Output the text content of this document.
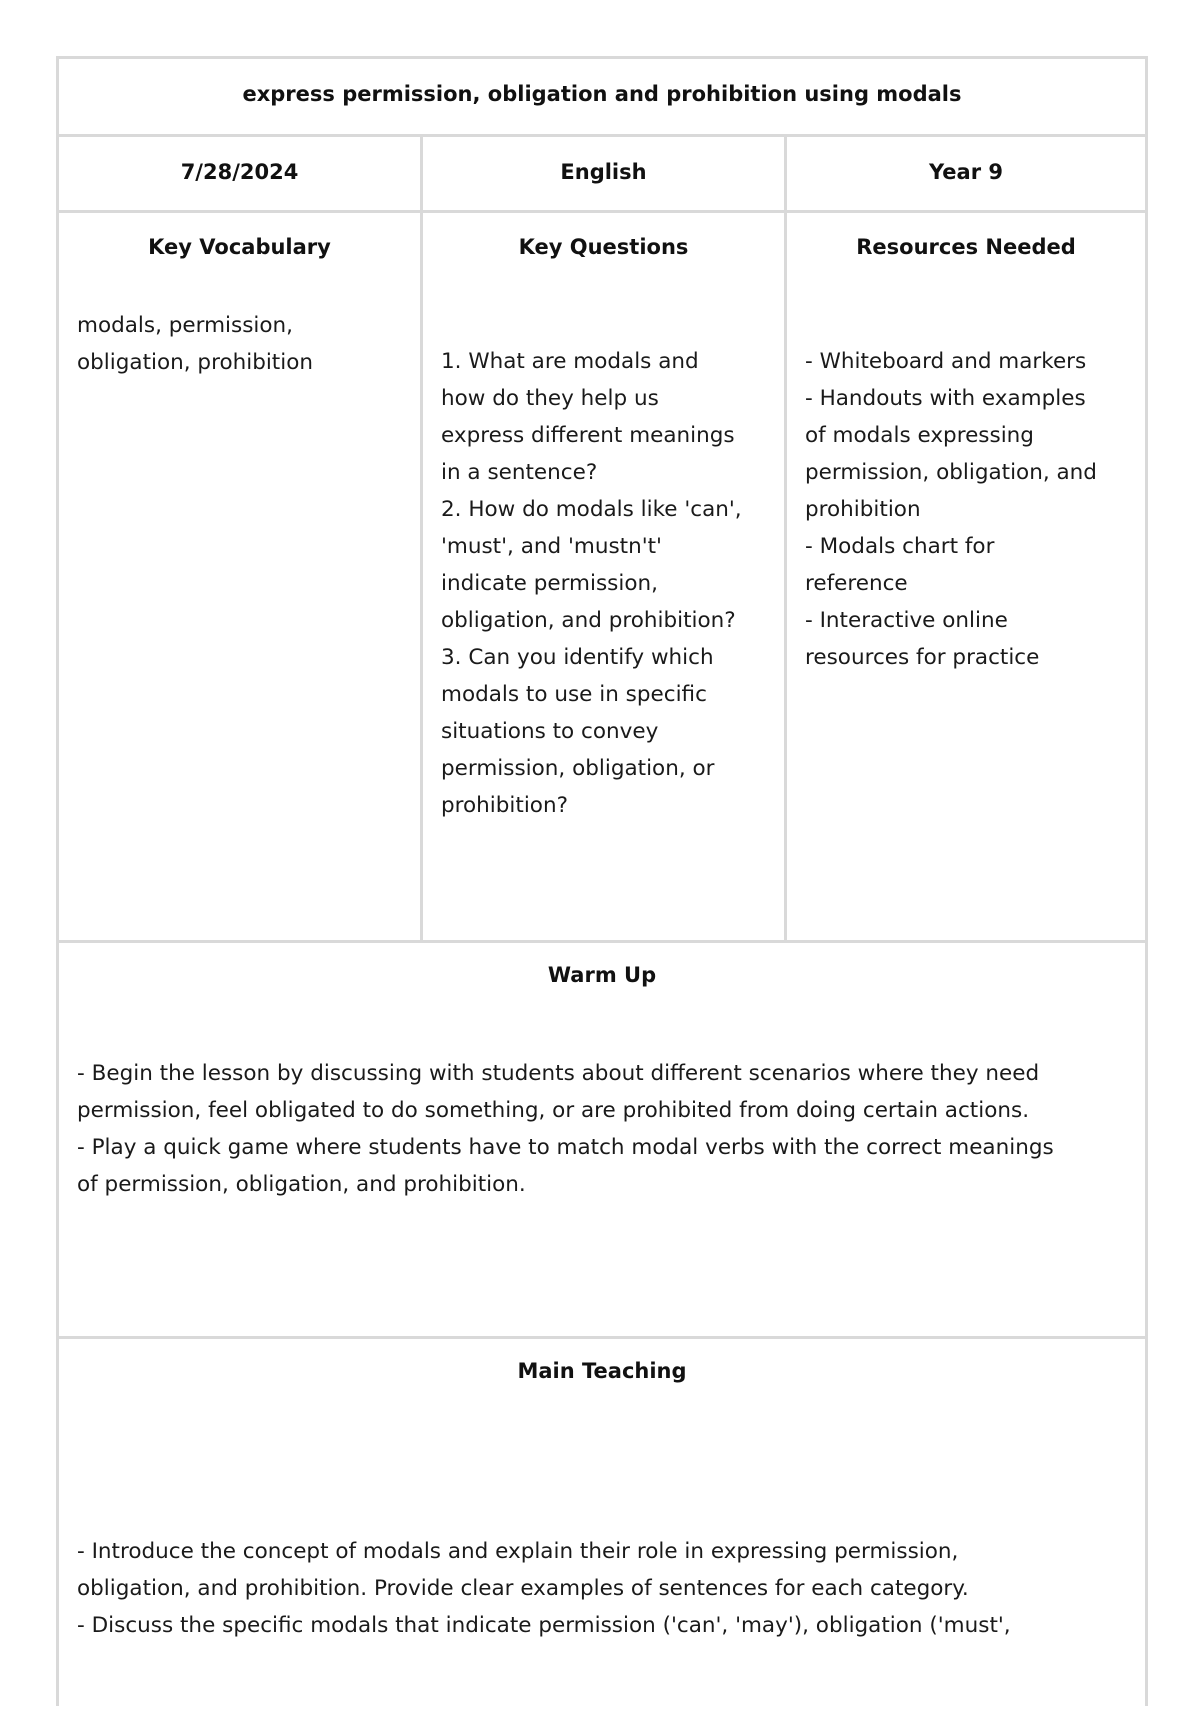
express permission, obligation and prohibition using modals
7/28/2024	English	Year 9
Key Vocabulary
modals, permission,
obligation, prohibition
Key Questions
1. What are modals and
how do they help us
express different meanings
in a sentence?
2. How do modals like 'can',
'must', and 'mustn't'
indicate permission,
obligation, and prohibition?
3. Can you identify which
modals to use in specific
situations to convey
permission, obligation, or
prohibition?
Resources Needed
- Whiteboard and markers
- Handouts with examples
of modals expressing
permission, obligation, and
prohibition
- Modals chart for
reference
- Interactive online
resources for practice
Warm Up
- Begin the lesson by discussing with students about different scenarios where they need
permission, feel obligated to do something, or are prohibited from doing certain actions.
- Play a quick game where students have to match modal verbs with the correct meanings
of permission, obligation, and prohibition.
Main Teaching
- Introduce the concept of modals and explain their role in expressing permission,
obligation, and prohibition. Provide clear examples of sentences for each category.
- Discuss the specific modals that indicate permission ('can', 'may'), obligation ('must',
